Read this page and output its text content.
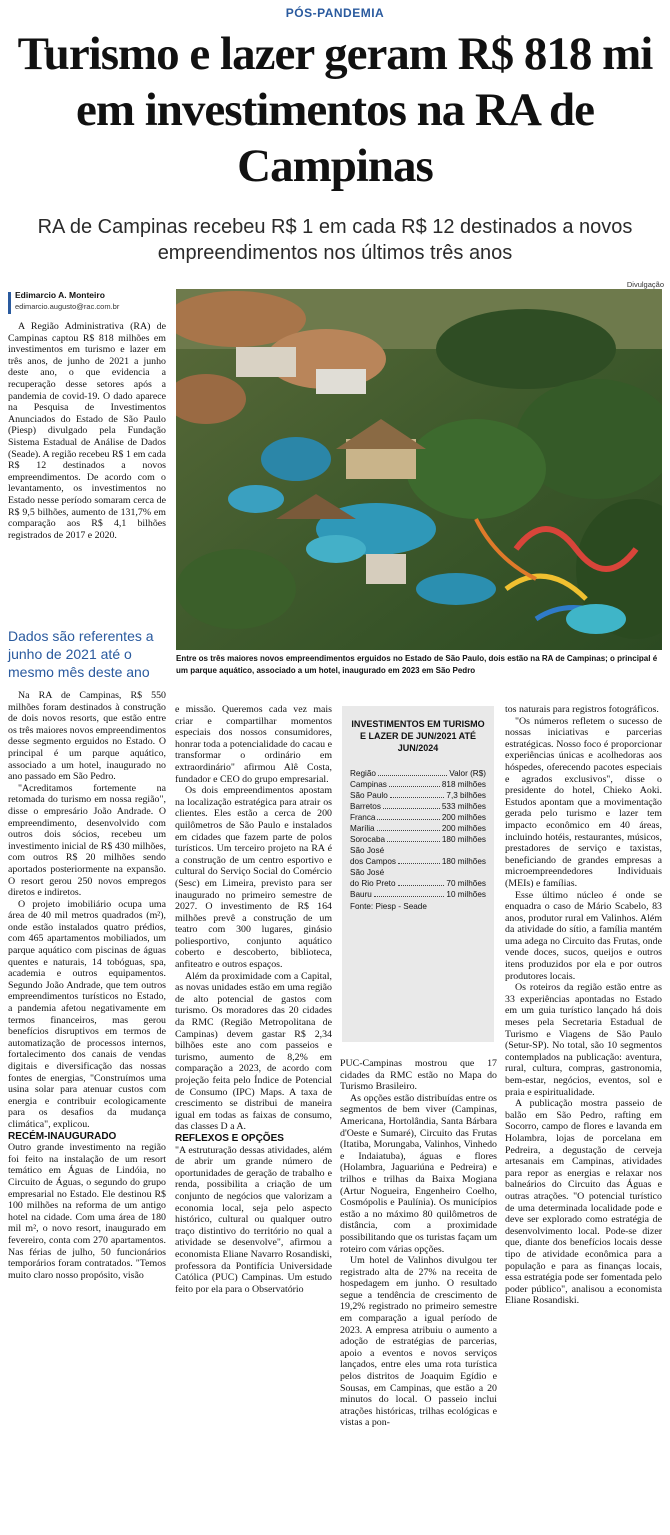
PÓS-PANDEMIA
Turismo e lazer geram R$ 818 mi em investimentos na RA de Campinas

RA de Campinas recebeu R$ 1 em cada R$ 12 destinados a novos empreendimentos nos últimos três anos

Edimarcio A. Monteiro
edimarcio.augusto@rac.com.br
Divulgação

Entre os três maiores novos empreendimentos erguidos no Estado de São Paulo, dois estão na RA de Campinas; o principal é um parque aquático, associado a um hotel, inaugurado em 2023 em São Pedro

A Região Administrativa (RA) de Campinas captou R$ 818 milhões em investimentos em turismo e lazer em três anos, de junho de 2021 a junho deste ano, o que evidencia a recuperação desse setores após a pandemia de covid-19. O dado aparece na Pesquisa de Investimentos Anunciados do Estado de São Paulo (Piesp) divulgado pela Fundação Sistema Estadual de Análise de Dados (Seade). A região recebeu R$ 1 em cada R$ 12 destinados a novos empreendimentos. De acordo com o levantamento, os investimentos no Estado nesse período somaram cerca de R$ 9,5 bilhões, aumento de 131,7% em comparação aos R$ 4,1 bilhões registrados de 2017 e 2020.

Dados são referentes a junho de 2021 até o mesmo mês deste ano

Na RA de Campinas, R$ 550 milhões foram destinados à construção de dois novos resorts, que estão entre os três maiores novos empreendimentos desse segmento erguidos no Estado. O principal é um parque aquático, associado a um hotel, inaugurado no ano passado em São Pedro.

"Acreditamos fortemente na retomada do turismo em nossa região", disse o empresário João Andrade. O empreendimento, desenvolvido com outros dois sócios, recebeu um investimento inicial de R$ 430 milhões, com outros R$ 20 milhões sendo aportados posteriormente na expansão. O resort gerou 250 novos empregos diretos e indiretos.

O projeto imobiliário ocupa uma área de 40 mil metros quadrados (m²), onde estão instalados quatro prédios, com 465 apartamentos mobiliados, um parque aquático com piscinas de águas quentes e naturais, 14 tobóguas, spa, academia e outros equipamentos. Segundo João Andrade, que tem outros empreendimentos turísticos no Estado, a pandemia afetou negativamente em termos financeiros, mas gerou benefícios disruptivos em termos de automatização de processos internos, fortalecimento dos canais de vendas digitais e diversificação das nossas fontes de energias, "Construímos uma usina solar para atenuar custos com energia e contribuir ecologicamente para os desafios da mudança climática", explicou.

RECÉM-INAUGURADO

Outro grande investimento na região foi feito na instalação de um resort temático em Águas de Lindóia, no Circuito de Águas, o segundo do grupo empresarial no Estado. Ele destinou R$ 100 milhões na reforma de um antigo hotel na cidade. Com uma área de 180 mil m², o novo resort, inaugurado em fevereiro, conta com 270 apartamentos. Nas férias de julho, 50 funcionários temporários foram contratados. "Temos muito claro nosso propósito, visão

e missão. Queremos cada vez mais criar e compartilhar momentos especiais dos nossos consumidores, honrar toda a potencialidade do cacau e transformar o ordinário em extraordinário" afirmou Alê Costa, fundador e CEO do grupo empresarial.

Os dois empreendimentos apostam na localização estratégica para atrair os clientes. Eles estão a cerca de 200 quilômetros de São Paulo e instalados em cidades que fazem parte de polos turísticos. Um terceiro projeto na RA é a construção de um centro esportivo e cultural do Serviço Social do Comércio (Sesc) em Limeira, previsto para ser inaugurado no primeiro semestre de 2027. O investimento de R$ 164 milhões prevê a construção de um teatro com 300 lugares, ginásio poliesportivo, conjunto aquático coberto e descoberto, biblioteca, anfiteatro e outros espaços.

Além da proximidade com a Capital, as novas unidades estão em uma região de alto potencial de gastos com turismo. Os moradores das 20 cidades da RMC (Região Metropolitana de Campinas) devem gastar R$ 2,34 bilhões este ano com passeios e turismo, aumento de 8,2% em comparação a 2023, de acordo com projeção feita pelo Índice de Potencial de Consumo (IPC) Maps. A taxa de crescimento se distribui de maneira igual em todas as faixas de consumo, das classes D a A.

REFLEXOS E OPÇÕES

"A estruturação dessas atividades, além de abrir um grande número de oportunidades de geração de trabalho e renda, possibilita a criação de um conjunto de negócios que valorizam a economia local, seja pelo aspecto histórico, cultural ou qualquer outro traço distintivo do território no qual a atividade se desenvolve", afirmou a economista Eliane Navarro Rosandiski, professora da Pontifícia Universidade Católica (PUC) Campinas. Um estudo feito por ela para o Observatório

INVESTIMENTOS EM TURISMO E LAZER DE JUN/2021 ATÉ JUN/2024
Região	Valor (R$)
Campinas	818 milhões
São Paulo	7,3 bilhões
Barretos	533 milhões
Franca	200 milhões
Marília	200 milhões
Sorocaba	180 milhões
São José
dos Campos	180 milhões
São José
do Rio Preto	70 milhões
Bauru	10 milhões
Fonte: Piesp - Seade

PUC-Campinas mostrou que 17 cidades da RMC estão no Mapa do Turismo Brasileiro.

As opções estão distribuídas entre os segmentos de bem viver (Campinas, Americana, Hortolândia, Santa Bárbara d'Oeste e Sumaré), Circuito das Frutas (Itatiba, Morungaba, Valinhos, Vinhedo e Indaiatuba), águas e flores (Holambra, Jaguariúna e Pedreira) e trilhos e trilhas da Baixa Mogiana (Artur Nogueira, Engenheiro Coelho, Cosmópolis e Paulínia). Os municípios estão a no máximo 80 quilômetros de distância, com a proximidade possibilitando que os turistas façam um roteiro com várias opções.

Um hotel de Valinhos divulgou ter registrado alta de 27% na receita de hospedagem em junho. O resultado segue a tendência de crescimento de 19,2% registrado no primeiro semestre em comparação a igual período de 2023. A empresa atribuiu o aumento a adoção de estratégias de parcerias, apoio a eventos e novos serviços lançados, entre eles uma rota turística pelos distritos de Joaquim Egídio e Sousas, em Campinas, que estão a 20 minutos do local. O passeio inclui atrações históricas, trilhas ecológicas e vistas a pon-

tos naturais para registros fotográficos.

"Os números refletem o sucesso de nossas iniciativas e parcerias estratégicas. Nosso foco é proporcionar experiências únicas e acolhedoras aos hóspedes, oferecendo pacotes especiais e agrados exclusivos", disse o presidente do hotel, Chieko Aoki. Estudos apontam que a movimentação gerada pelo turismo e lazer tem impacto econômico em 40 áreas, incluindo hotéis, restaurantes, músicos, prestadores de serviço e taxistas, beneficiando de grandes empresas a microempreendedores Individuais (MEIs) e famílias.

Esse último núcleo é onde se enquadra o caso de Mário Scabelo, 83 anos, produtor rural em Valinhos. Além da atividade do sítio, a família mantém uma adega no Circuito das Frutas, onde vende doces, sucos, queijos e outros itens produzidos por ela e por outros produtores locais.

Os roteiros da região estão entre as 33 experiências apontadas no Estado em um guia turístico lançado há dois meses pela Secretaria Estadual de Turismo e Viagens de São Paulo (Setur-SP). No total, são 10 segmentos contemplados na publicação: aventura, rural, cultura, compras, gastronomia, bem-estar, negócios, eventos, sol e praia e espiritualidade.

A publicação mostra passeio de balão em São Pedro, rafting em Socorro, campo de flores e lavanda em Holambra, lojas de porcelana em Pedreira, a degustação de cerveja artesanais em Campinas, atividades para repor as energias e relaxar nos balneários do Circuito das Águas e outras atrações. "O potencial turístico de uma determinada localidade pode e deve ser explorado como estratégia de desenvolvimento local. Pode-se dizer que, diante dos benefícios locais desse tipo de atividade econômica para a população e para as finanças locais, essa estratégia pode ser fomentada pelo poder público", analisou a economista Eliane Rosandiski.
